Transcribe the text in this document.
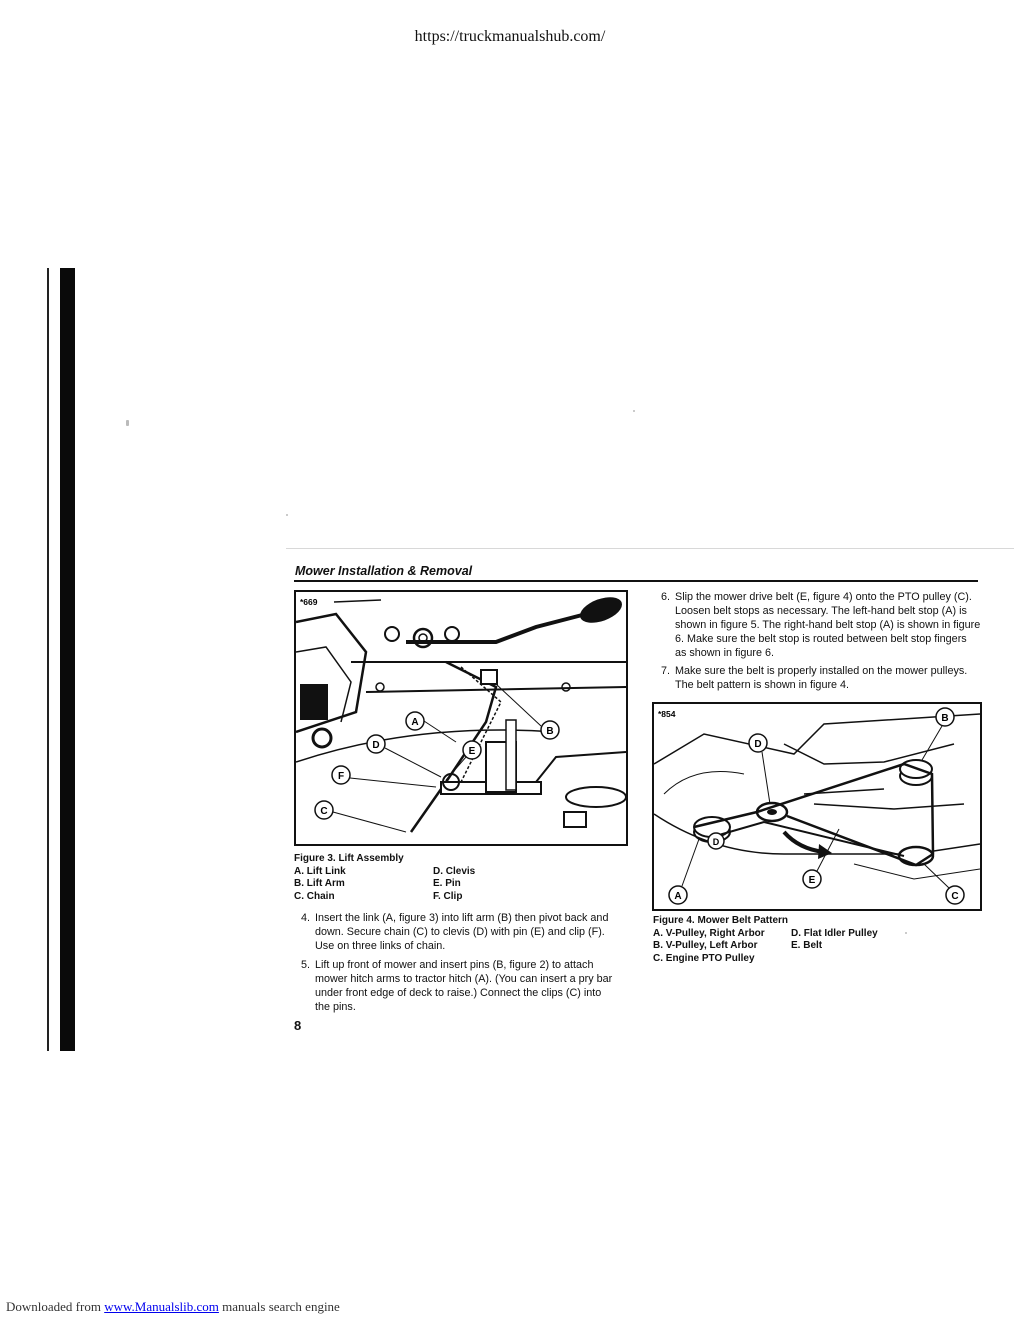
https://truckmanualshub.com/
Mower Installation & Removal
*669
A
B
D
E
F
C
Figure 3. Lift Assembly
A. Lift Link	D. Clevis
B. Lift Arm	E. Pin
C. Chain	F. Clip
4. Insert the link (A, figure 3) into lift arm (B) then pivot back and down. Secure chain (C) to clevis (D) with pin (E) and clip (F). Use on three links of chain.
5. Lift up front of mower and insert pins (B, figure 2) to attach mower hitch arms to tractor hitch (A). (You can insert a pry bar under front edge of deck to raise.) Connect the clips (C) into the pins.
8
6. Slip the mower drive belt (E, figure 4) onto the PTO pulley (C). Loosen belt stops as necessary. The left-hand belt stop (A) is shown in figure 5. The right-hand belt stop (A) is shown in figure 6. Make sure the belt stop is routed between belt stop fingers as shown in figure 6.
7. Make sure the belt is properly installed on the mower pulleys. The belt pattern is shown in figure 4.
*854	B
D
D
E
A	C
Figure 4. Mower Belt Pattern
A. V-Pulley, Right Arbor	D. Flat Idler Pulley
B. V-Pulley, Left Arbor	E. Belt
C. Engine PTO Pulley
Downloaded from www.Manualslib.com manuals search engine
